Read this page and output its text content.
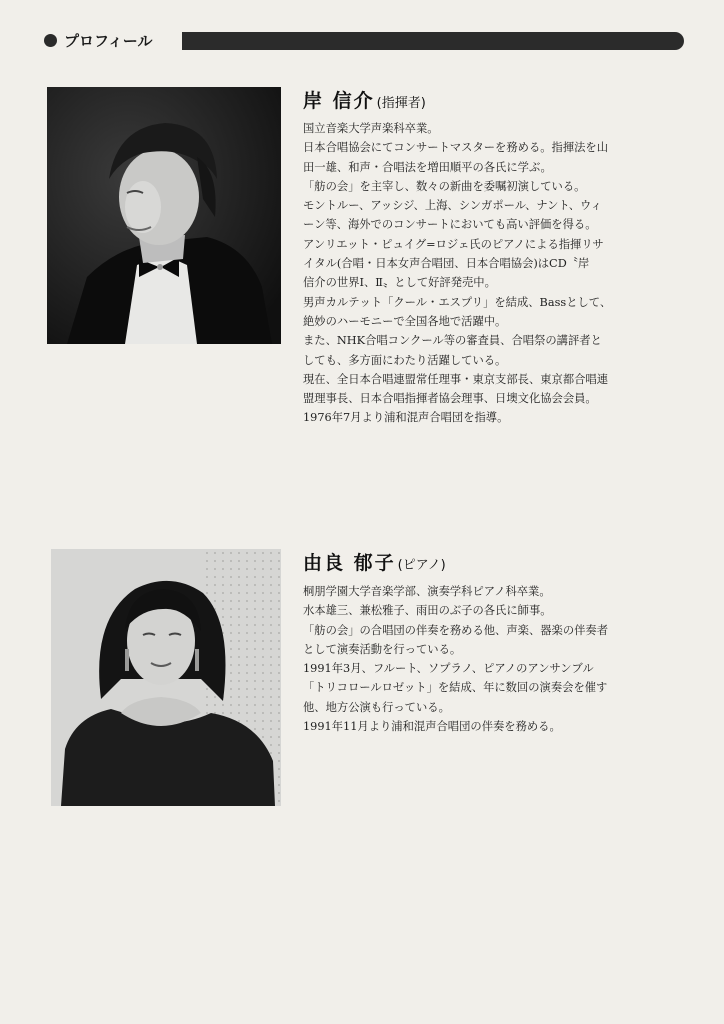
プロフィール
岸 信介 (指揮者)
国立音楽大学声楽科卒業。
日本合唱協会にてコンサートマスターを務める。指揮法を山
田一雄、和声・合唱法を増田順平の各氏に学ぶ。
「舫の会」を主宰し、数々の新曲を委嘱初演している。
モントルー、アッシジ、上海、シンガポール、ナント、ウィ
ーン等、海外でのコンサートにおいても高い評価を得る。
アンリエット・ピュイグ=ロジェ氏のピアノによる指揮リサ
イタル(合唱・日本女声合唱団、日本合唱協会)はCD〝岸
信介の世界Ⅰ、Ⅱ〟として好評発売中。
男声カルテット「クール・エスプリ」を結成、Bassとして、
絶妙のハーモニーで全国各地で活躍中。
また、NHK合唱コンクール等の審査員、合唱祭の講評者と
しても、多方面にわたり活躍している。
現在、全日本合唱連盟常任理事・東京支部長、東京都合唱連
盟理事長、日本合唱指揮者協会理事、日墺文化協会会員。
1976年7月より浦和混声合唱団を指導。
由良 郁子 (ピアノ)
桐朋学園大学音楽学部、演奏学科ピアノ科卒業。
水本雄三、兼松雅子、雨田のぶ子の各氏に師事。
「舫の会」の合唱団の伴奏を務める他、声楽、器楽の伴奏者
として演奏活動を行っている。
1991年3月、フルート、ソプラノ、ピアノのアンサンブル
「トリコロールロゼット」を結成、年に数回の演奏会を催す
他、地方公演も行っている。
1991年11月より浦和混声合唱団の伴奏を務める。
